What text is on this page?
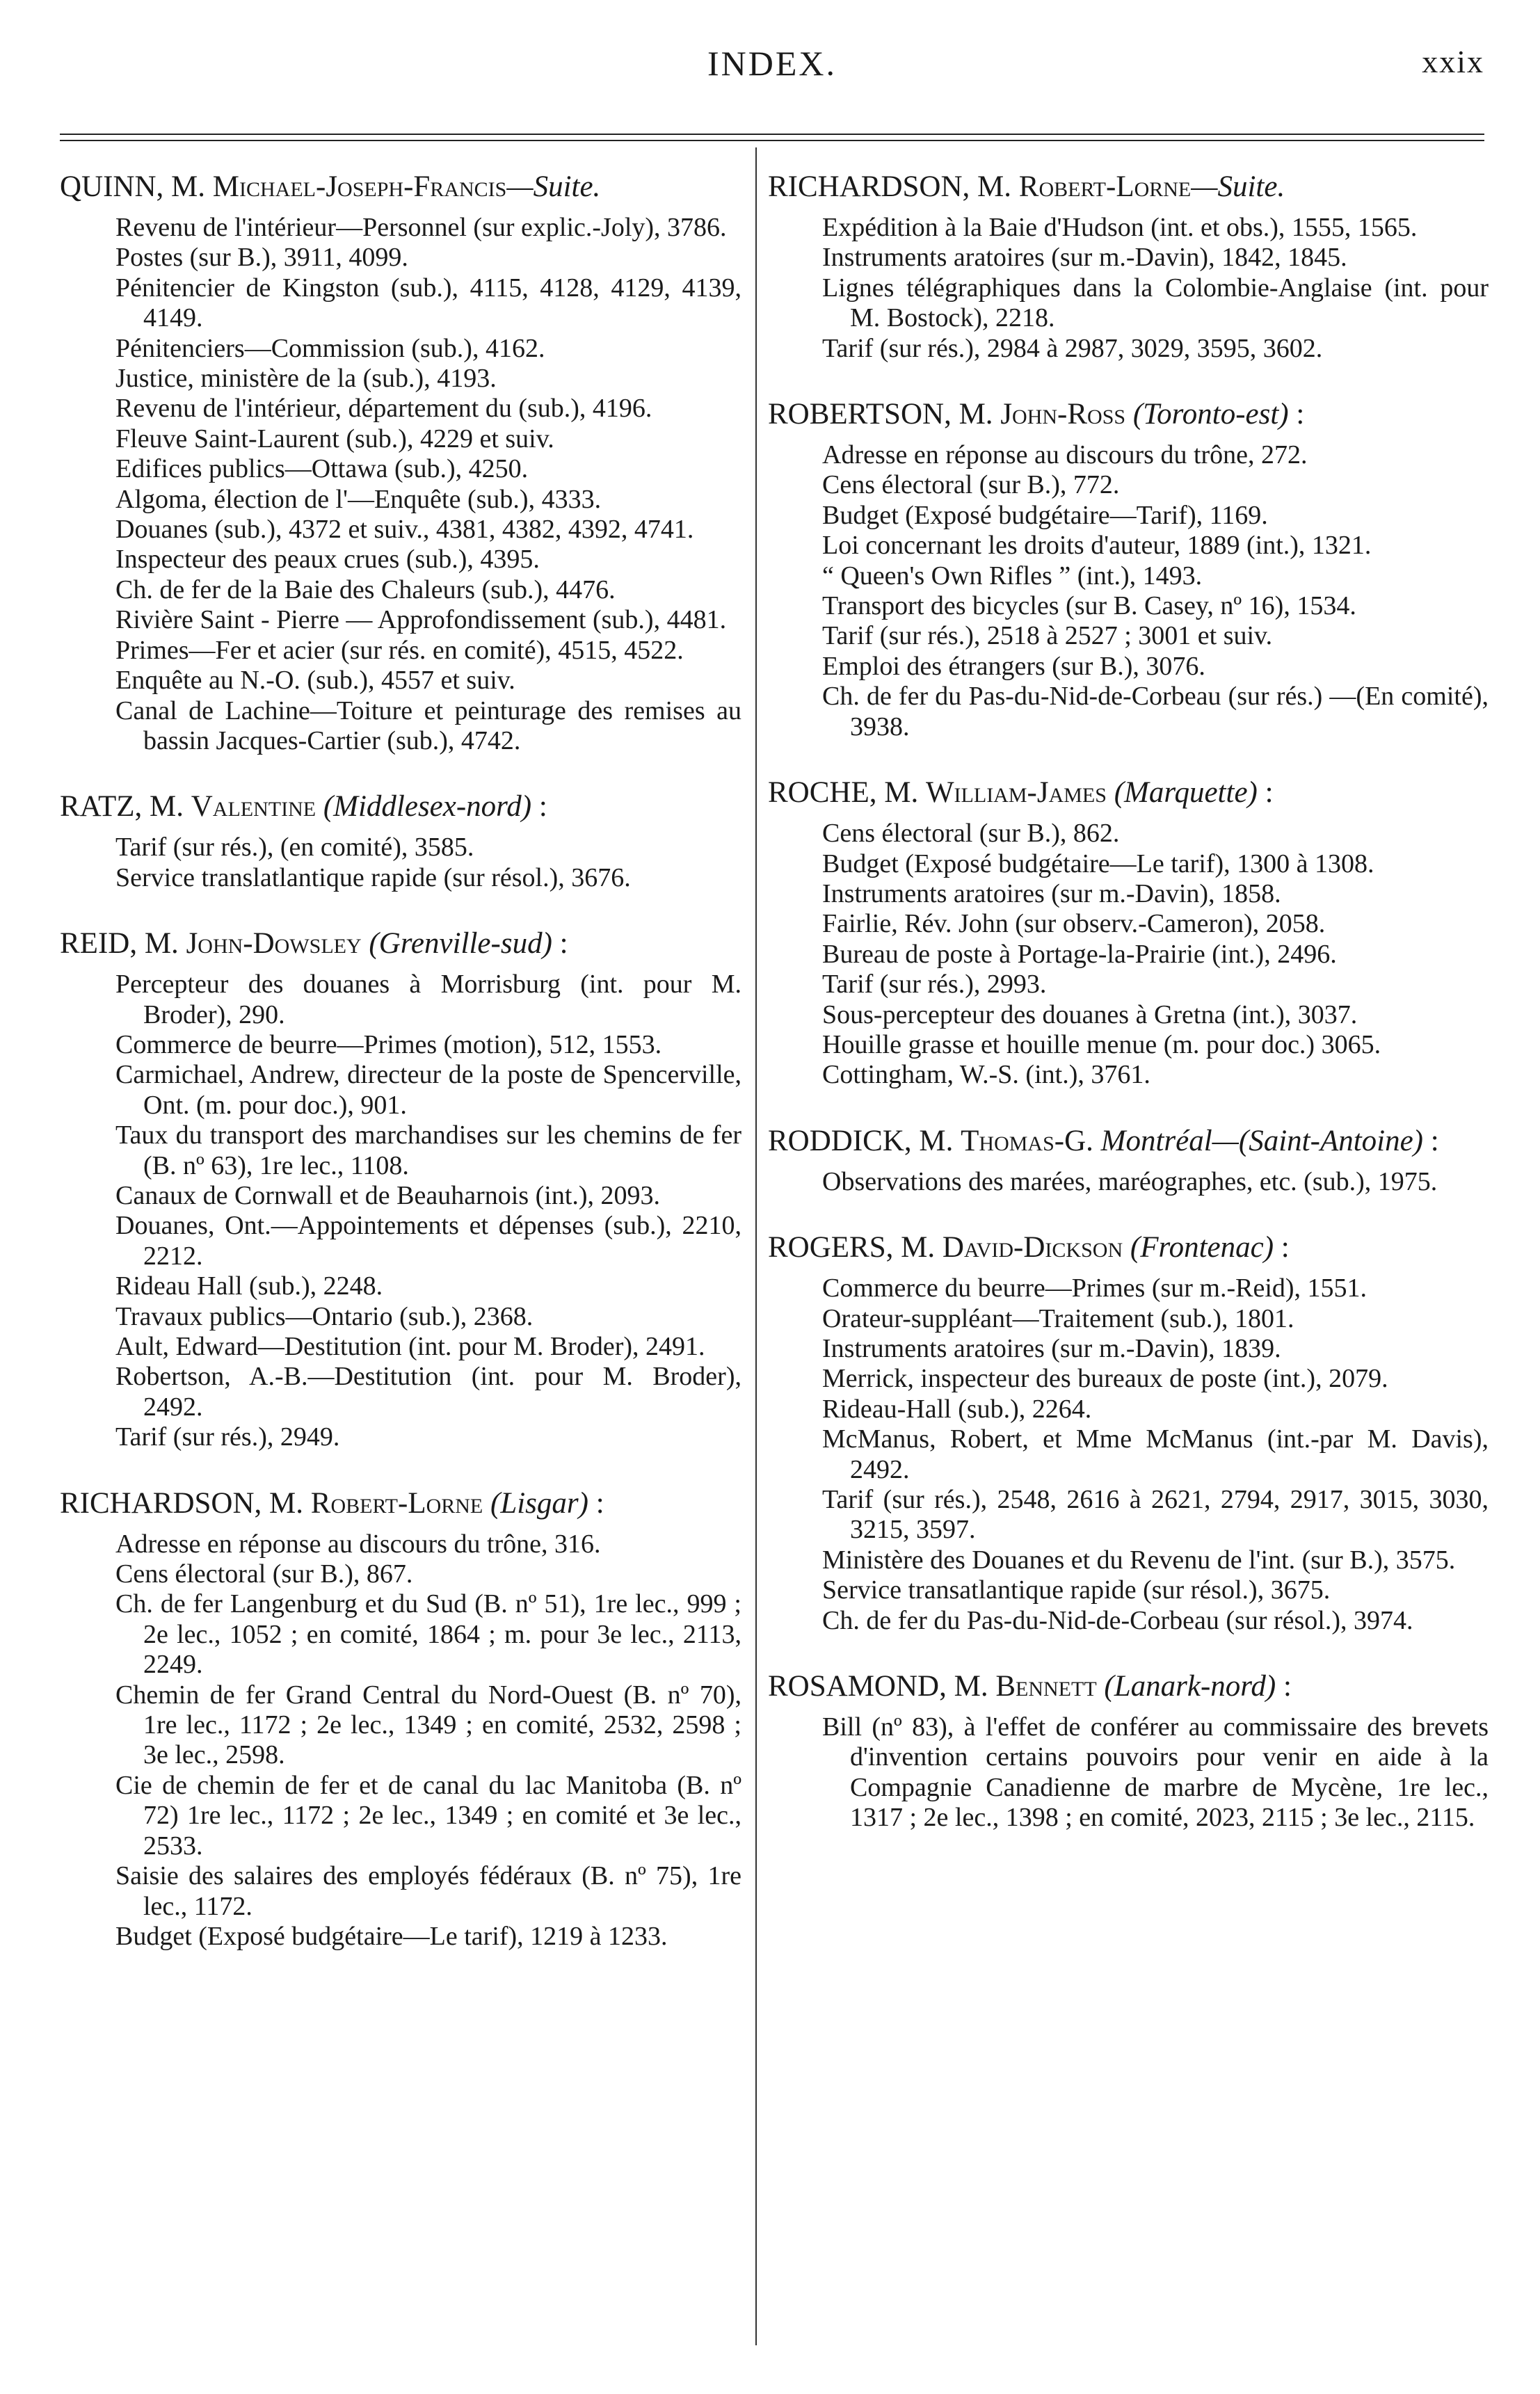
INDEX.	xxix
QUINN, M. Michael-Joseph-Francis—Suite.
Revenu de l'intérieur—Personnel (sur explic.-Joly), 3786.
Postes (sur B.), 3911, 4099.
Pénitencier de Kingston (sub.), 4115, 4128, 4129, 4139, 4149.
Pénitenciers—Commission (sub.), 4162.
Justice, ministère de la (sub.), 4193.
Revenu de l'intérieur, département du (sub.), 4196.
Fleuve Saint-Laurent (sub.), 4229 et suiv.
Edifices publics—Ottawa (sub.), 4250.
Algoma, élection de l'—Enquête (sub.), 4333.
Douanes (sub.), 4372 et suiv., 4381, 4382, 4392, 4741.
Inspecteur des peaux crues (sub.), 4395.
Ch. de fer de la Baie des Chaleurs (sub.), 4476.
Rivière Saint - Pierre — Approfondissement (sub.), 4481.
Primes—Fer et acier (sur rés. en comité), 4515, 4522.
Enquête au N.-O. (sub.), 4557 et suiv.
Canal de Lachine—Toiture et peinturage des remises au bassin Jacques-Cartier (sub.), 4742.
RATZ, M. Valentine (Middlesex-nord) :
Tarif (sur rés.), (en comité), 3585.
Service translatlantique rapide (sur résol.), 3676.
REID, M. John-Dowsley (Grenville-sud) :
Percepteur des douanes à Morrisburg (int. pour M. Broder), 290.
Commerce de beurre—Primes (motion), 512, 1553.
Carmichael, Andrew, directeur de la poste de Spencerville, Ont. (m. pour doc.), 901.
Taux du transport des marchandises sur les chemins de fer (B. nº 63), 1re lec., 1108.
Canaux de Cornwall et de Beauharnois (int.), 2093.
Douanes, Ont.—Appointements et dépenses (sub.), 2210, 2212.
Rideau Hall (sub.), 2248.
Travaux publics—Ontario (sub.), 2368.
Ault, Edward—Destitution (int. pour M. Broder), 2491.
Robertson, A.-B.—Destitution (int. pour M. Broder), 2492.
Tarif (sur rés.), 2949.
RICHARDSON, M. Robert-Lorne (Lisgar) :
Adresse en réponse au discours du trône, 316.
Cens électoral (sur B.), 867.
Ch. de fer Langenburg et du Sud (B. nº 51), 1re lec., 999 ; 2e lec., 1052 ; en comité, 1864 ; m. pour 3e lec., 2113, 2249.
Chemin de fer Grand Central du Nord-Ouest (B. nº 70), 1re lec., 1172 ; 2e lec., 1349 ; en comité, 2532, 2598 ; 3e lec., 2598.
Cie de chemin de fer et de canal du lac Manitoba (B. nº 72) 1re lec., 1172 ; 2e lec., 1349 ; en comité et 3e lec., 2533.
Saisie des salaires des employés fédéraux (B. nº 75), 1re lec., 1172.
Budget (Exposé budgétaire—Le tarif), 1219 à 1233.
RICHARDSON, M. Robert-Lorne—Suite.
Expédition à la Baie d'Hudson (int. et obs.), 1555, 1565.
Instruments aratoires (sur m.-Davin), 1842, 1845.
Lignes télégraphiques dans la Colombie-Anglaise (int. pour M. Bostock), 2218.
Tarif (sur rés.), 2984 à 2987, 3029, 3595, 3602.
ROBERTSON, M. John-Ross (Toronto-est) :
Adresse en réponse au discours du trône, 272.
Cens électoral (sur B.), 772.
Budget (Exposé budgétaire—Tarif), 1169.
Loi concernant les droits d'auteur, 1889 (int.), 1321.
“ Queen's Own Rifles ” (int.), 1493.
Transport des bicycles (sur B. Casey, nº 16), 1534.
Tarif (sur rés.), 2518 à 2527 ; 3001 et suiv.
Emploi des étrangers (sur B.), 3076.
Ch. de fer du Pas-du-Nid-de-Corbeau (sur rés.) —(En comité), 3938.
ROCHE, M. William-James (Marquette) :
Cens électoral (sur B.), 862.
Budget (Exposé budgétaire—Le tarif), 1300 à 1308.
Instruments aratoires (sur m.-Davin), 1858.
Fairlie, Rév. John (sur observ.-Cameron), 2058.
Bureau de poste à Portage-la-Prairie (int.), 2496.
Tarif (sur rés.), 2993.
Sous-percepteur des douanes à Gretna (int.), 3037.
Houille grasse et houille menue (m. pour doc.) 3065.
Cottingham, W.-S. (int.), 3761.
RODDICK, M. Thomas-G. Montréal—(Saint-Antoine) :
Observations des marées, maréographes, etc. (sub.), 1975.
ROGERS, M. David-Dickson (Frontenac) :
Commerce du beurre—Primes (sur m.-Reid), 1551.
Orateur-suppléant—Traitement (sub.), 1801.
Instruments aratoires (sur m.-Davin), 1839.
Merrick, inspecteur des bureaux de poste (int.), 2079.
Rideau-Hall (sub.), 2264.
McManus, Robert, et Mme McManus (int.-par M. Davis), 2492.
Tarif (sur rés.), 2548, 2616 à 2621, 2794, 2917, 3015, 3030, 3215, 3597.
Ministère des Douanes et du Revenu de l'int. (sur B.), 3575.
Service transatlantique rapide (sur résol.), 3675.
Ch. de fer du Pas-du-Nid-de-Corbeau (sur résol.), 3974.
ROSAMOND, M. Bennett (Lanark-nord) :
Bill (nº 83), à l'effet de conférer au commissaire des brevets d'invention certains pouvoirs pour venir en aide à la Compagnie Canadienne de marbre de Mycène, 1re lec., 1317 ; 2e lec., 1398 ; en comité, 2023, 2115 ; 3e lec., 2115.
